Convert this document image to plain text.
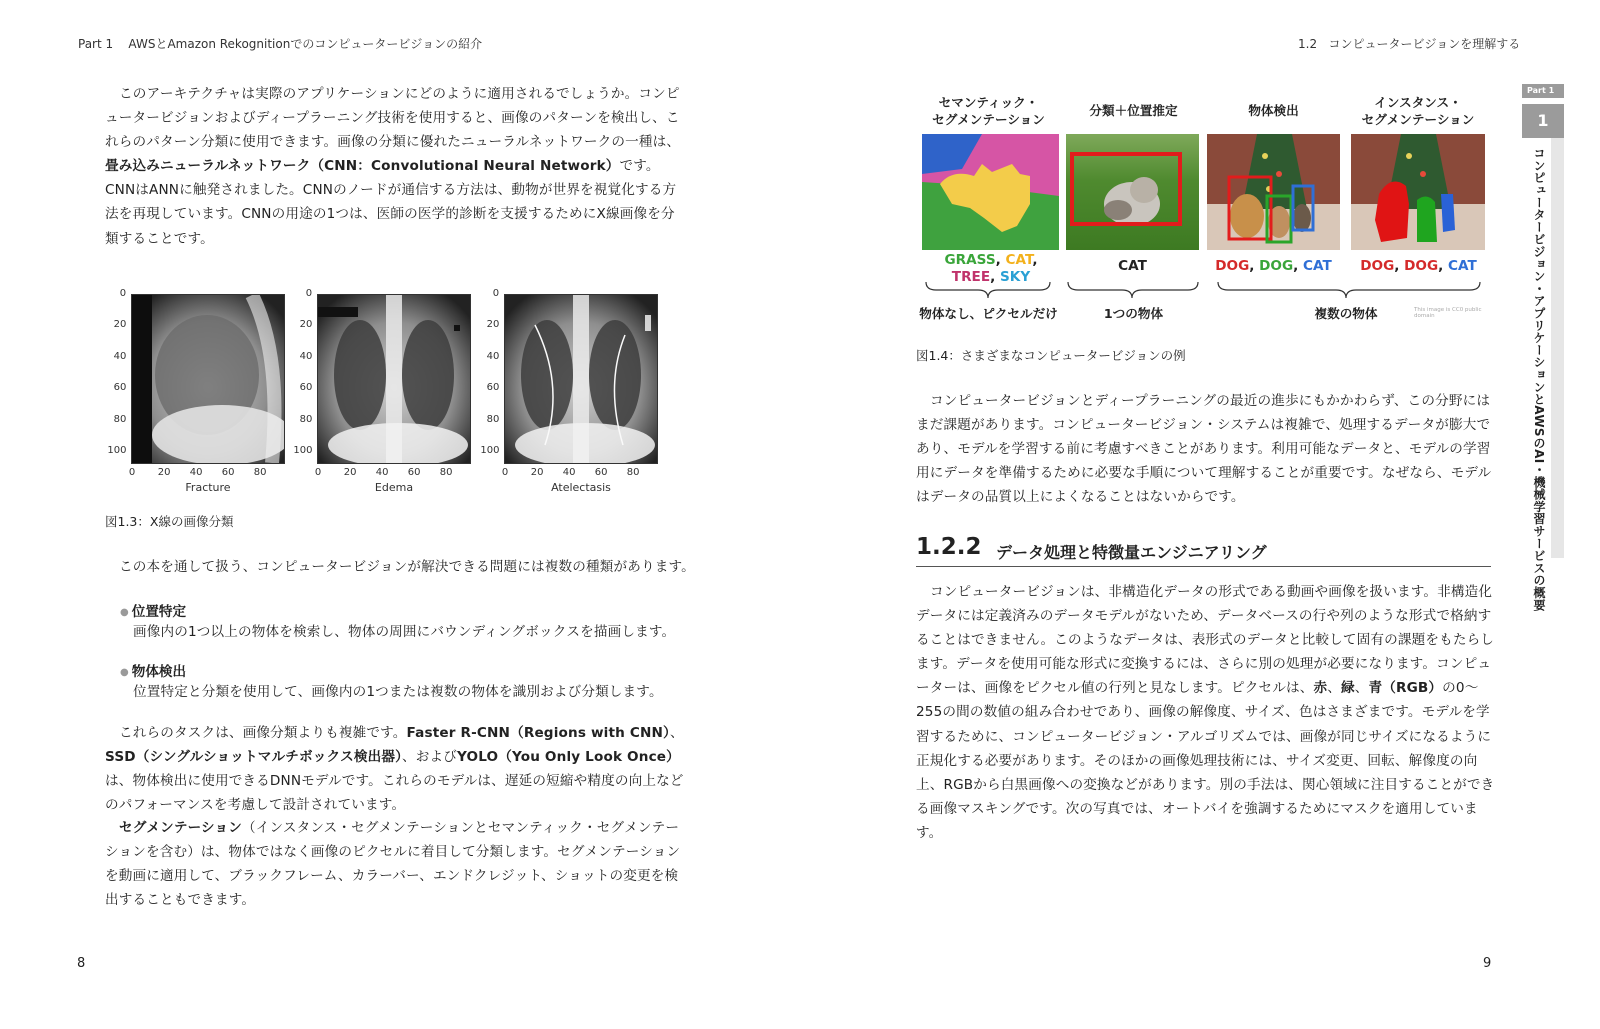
Part 1 AWSとAmazon Rekognitionでのコンピュータービジョンの紹介	1.2 コンピュータービジョンを理解する
このアーキテクチャは実際のアプリケーションにどのように適用されるでしょうか。コンピュータービジョンおよびディープラーニング技術を使用すると、画像のパターンを検出し、これらのパターン分類に使用できます。画像の分類に優れたニューラルネットワークの一種は、畳み込みニューラルネットワーク（CNN：Convolutional Neural Network）です。CNNはANNに触発されました。CNNのノードが通信する方法は、動物が世界を視覚化する方法を再現しています。CNNの用途の1つは、医師の医学的診断を支援するためにX線画像を分類することです。
0
20
40
60
80
100
0 20 40 60 80
Fracture
0
20
40
60
80
100
0 20 40 60 80
Edema
0
20
40
60
80
100
0 20 40 60 80
Atelectasis
図1.3：X線の画像分類
この本を通して扱う、コンピュータービジョンが解決できる問題には複数の種類があります。
● 位置特定
画像内の1つ以上の物体を検索し、物体の周囲にバウンディングボックスを描画します。
● 物体検出
位置特定と分類を使用して、画像内の1つまたは複数の物体を識別および分類します。
これらのタスクは、画像分類よりも複雑です。Faster R-CNN（Regions with CNN）、SSD（シングルショットマルチボックス検出器）、およびYOLO（You Only Look Once）は、物体検出に使用できるDNNモデルです。これらのモデルは、遅延の短縮や精度の向上などのパフォーマンスを考慮して設計されています。
セグメンテーション（インスタンス・セグメンテーションとセマンティック・セグメンテーションを含む）は、物体ではなく画像のピクセルに着目して分類します。セグメンテーションを動画に適用して、ブラックフレーム、カラーバー、エンドクレジット、ショットの変更を検出することもできます。
8
セマンティック・
セグメンテーション
分類＋位置推定	物体検出
インスタンス・
セグメンテーション
GRASS, CAT,
TREE, SKY
CAT	DOG, DOG, CAT	DOG, DOG, CAT
物体なし、ピクセルだけ	1つの物体	複数の物体	This image is CC0 public domain
図1.4：さまざまなコンピュータービジョンの例
コンピュータービジョンとディープラーニングの最近の進歩にもかかわらず、この分野にはまだ課題があります。コンピュータービジョン・システムは複雑で、処理するデータが膨大であり、モデルを学習する前に考慮すべきことがあります。利用可能なデータと、モデルの学習用にデータを準備するために必要な手順について理解することが重要です。なぜなら、モデルはデータの品質以上によくなることはないからです。
1.2.2 データ処理と特徴量エンジニアリング
コンピュータービジョンは、非構造化データの形式である動画や画像を扱います。非構造化データには定義済みのデータモデルがないため、データベースの行や列のような形式で格納することはできません。このようなデータは、表形式のデータと比較して固有の課題をもたらします。データを使用可能な形式に変換するには、さらに別の処理が必要になります。コンピューターは、画像をピクセル値の行列と見なします。ピクセルは、赤、緑、青（RGB）の0〜255の間の数値の組み合わせであり、画像の解像度、サイズ、色はさまざまです。モデルを学習するために、コンピュータービジョン・アルゴリズムでは、画像が同じサイズになるように正規化する必要があります。そのほかの画像処理技術には、サイズ変更、回転、解像度の向上、RGBから白黒画像への変換などがあります。別の手法は、関心領域に注目することができる画像マスキングです。次の写真では、オートバイを強調するためにマスクを適用しています。
9
Part 1
1
コンピュータービジョン・アプリケーションとAWSのAI・機械学習サービスの概要
